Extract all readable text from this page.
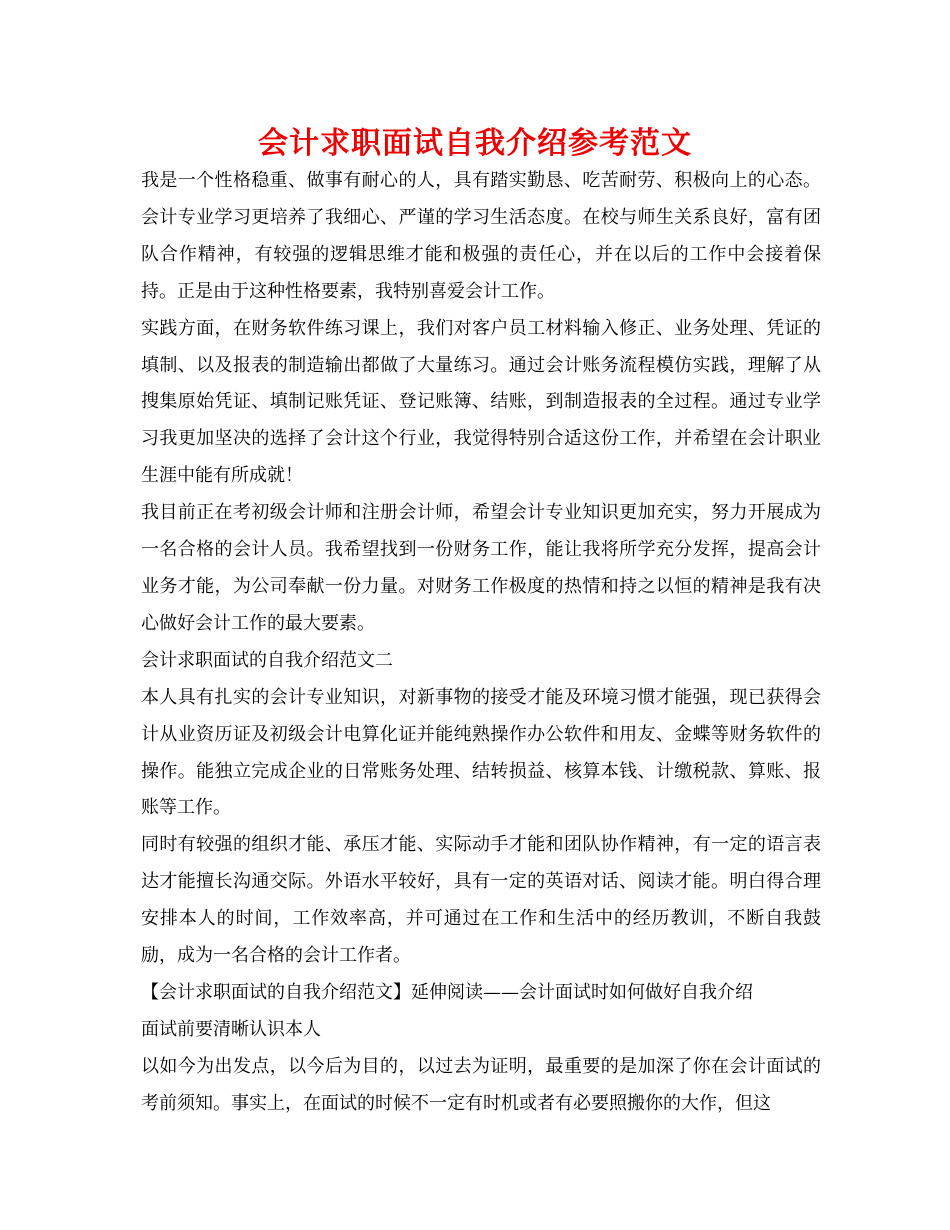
会计求职面试自我介绍参考范文

我是一个性格稳重、做事有耐心的人，具有踏实勤恳、吃苦耐劳、积极向上的心态。会计专业学习更培养了我细心、严谨的学习生活态度。在校与师生关系良好，富有团队合作精神，有较强的逻辑思维才能和极强的责任心，并在以后的工作中会接着保持。正是由于这种性格要素，我特别喜爱会计工作。

实践方面，在财务软件练习课上，我们对客户员工材料输入修正、业务处理、凭证的填制、以及报表的制造输出都做了大量练习。通过会计账务流程模仿实践，理解了从搜集原始凭证、填制记账凭证、登记账簿、结账，到制造报表的全过程。通过专业学习我更加坚决的选择了会计这个行业，我觉得特别合适这份工作，并希望在会计职业生涯中能有所成就！

我目前正在考初级会计师和注册会计师，希望会计专业知识更加充实，努力开展成为一名合格的会计人员。我希望找到一份财务工作，能让我将所学充分发挥，提高会计业务才能，为公司奉献一份力量。对财务工作极度的热情和持之以恒的精神是我有决心做好会计工作的最大要素。

会计求职面试的自我介绍范文二

本人具有扎实的会计专业知识，对新事物的接受才能及环境习惯才能强，现已获得会计从业资历证及初级会计电算化证并能纯熟操作办公软件和用友、金蝶等财务软件的操作。能独立完成企业的日常账务处理、结转损益、核算本钱、计缴税款、算账、报账等工作。

同时有较强的组织才能、承压才能、实际动手才能和团队协作精神，有一定的语言表达才能擅长沟通交际。外语水平较好，具有一定的英语对话、阅读才能。明白得合理安排本人的时间，工作效率高，并可通过在工作和生活中的经历教训，不断自我鼓励，成为一名合格的会计工作者。

【会计求职面试的自我介绍范文】延伸阅读——会计面试时如何做好自我介绍

面试前要清晰认识本人

以如今为出发点，以今后为目的，以过去为证明，最重要的是加深了你在会计面试的考前须知。事实上，在面试的时候不一定有时机或者有必要照搬你的大作，但这
